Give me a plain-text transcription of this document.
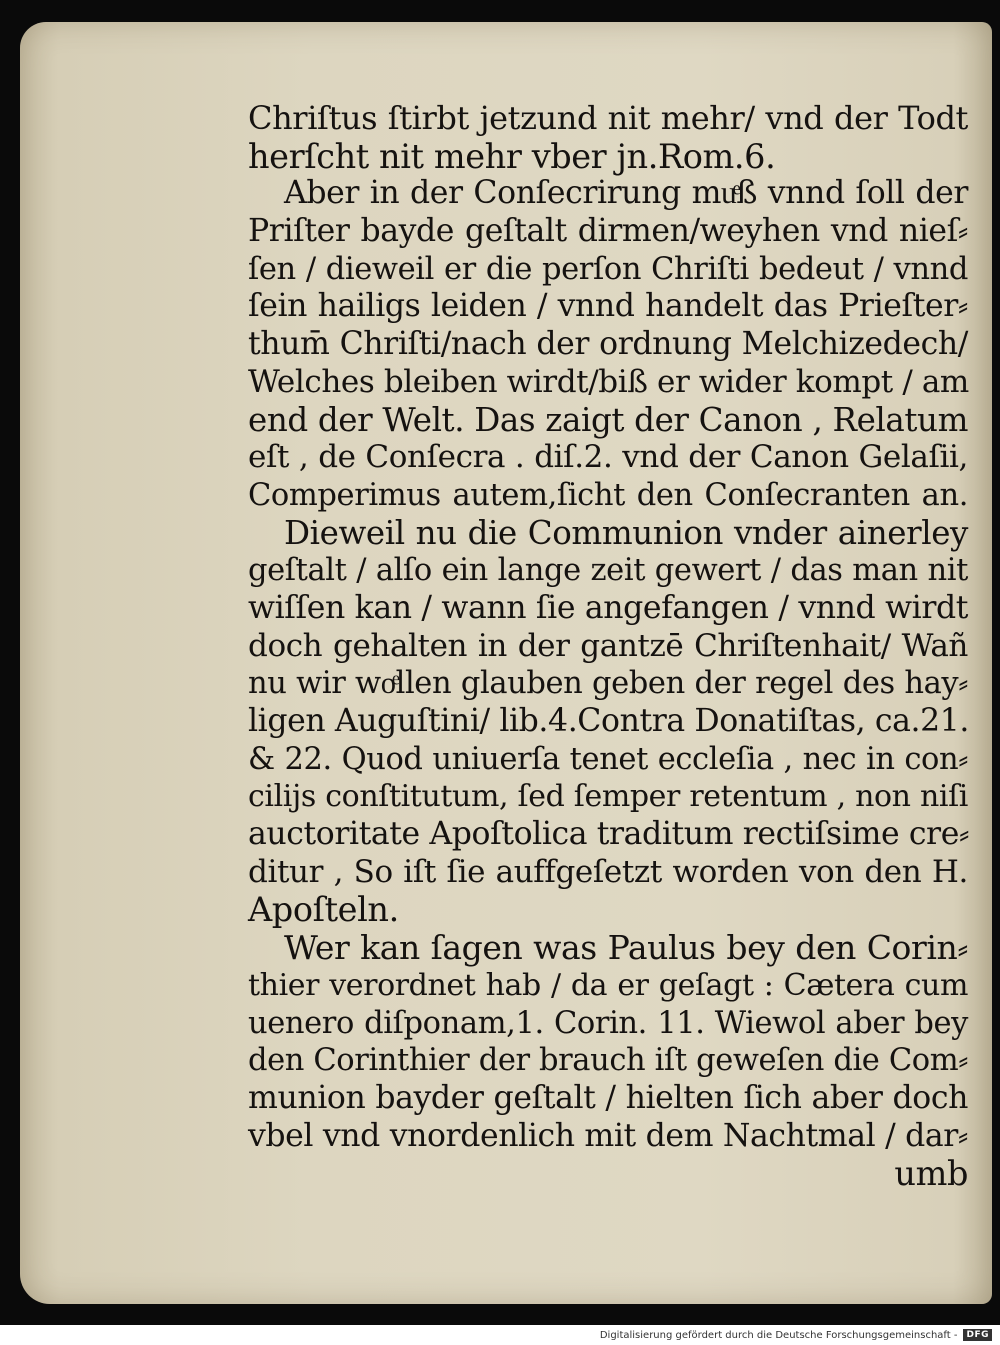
Chriſtus ſtirbt jetzund nit mehr/ vnd der Todt
herſcht nit mehr vber jn.Rom.6.
Aber in der Conſecrirung muͤß vnnd ſoll der
Priſter bayde geſtalt dirmen/weyhen vnd nieſ⸗
ſen / dieweil er die perſon Chriſti bedeut / vnnd
ſein hailigs leiden / vnnd handelt das Prieſter⸗
thum̄ Chriſti/nach der ordnung Melchizedech/
Welches bleiben wirdt/biß er wider kompt / am
end der Welt. Das zaigt der Canon , Relatum
eſt , de Conſecra . diſ.2. vnd der Canon Gelaſii,
Comperimus autem,ſicht den Conſecranten an.
Dieweil nu die Communion vnder ainerley
geſtalt / alſo ein lange zeit gewert / das man nit
wiſſen kan / wann ſie angefangen / vnnd wirdt
doch gehalten in der gantzē Chriſtenhait/ Wañ
nu wir woͤllen glauben geben der regel des hay⸗
ligen Auguſtini/ lib.4.Contra Donatiſtas, ca.21.
& 22. Quod uniuerſa tenet eccleſia , nec in con⸗
cilijs conſtitutum, ſed ſemper retentum , non niſi
auctoritate Apoſtolica traditum rectiſsime cre⸗
ditur , So iſt ſie auffgeſetzt worden von den H.
Apoſteln.
Wer kan ſagen was Paulus bey den Corin⸗
thier verordnet hab / da er geſagt : Cætera cum
uenero diſponam,1. Corin. 11. Wiewol aber bey
den Corinthier der brauch iſt geweſen die Com⸗
munion bayder geſtalt / hielten ſich aber doch
vbel vnd vnordenlich mit dem Nachtmal / dar⸗
umb
Digitalisierung gefördert durch die Deutsche Forschungsgemeinschaft -	DFG
